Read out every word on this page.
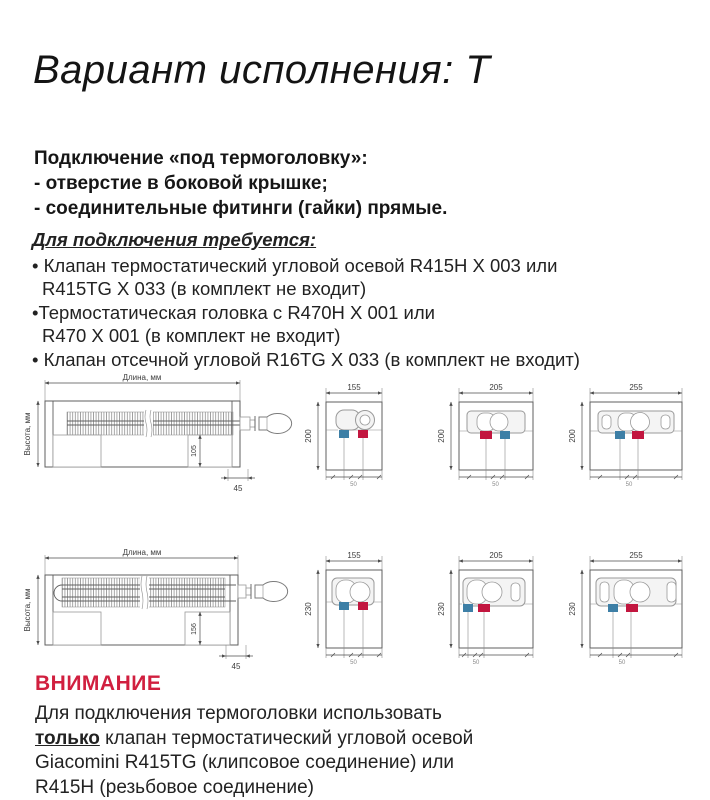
Вариант исполнения: Т

Подключение «под термоголовку»:

- отверстие в боковой крышке;

- соединительные фитинги (гайки) прямые.

Для подключения требуется:

• Клапан термостатический угловой осевой R415H X 003 или

R415TG X 033 (в комплект не входит)

•Термостатическая головка с R470H X 001 или

R470 X 001 (в комплект не входит)

• Клапан отсечной угловой R16TG X 033 (в комплект не входит)

Длина, мм
Высота, мм	105
45
155
200
50
205
200
50
255
200
50
Длина, мм
Высота, мм	156
45
155
230
50
205
230
50
255
230
50
ВНИМАНИЕ

Для подключения термоголовки использовать

только клапан термостатический угловой осевой

Giacomini R415TG (клипсовое соединение) или

R415H (резьбовое соединение)
